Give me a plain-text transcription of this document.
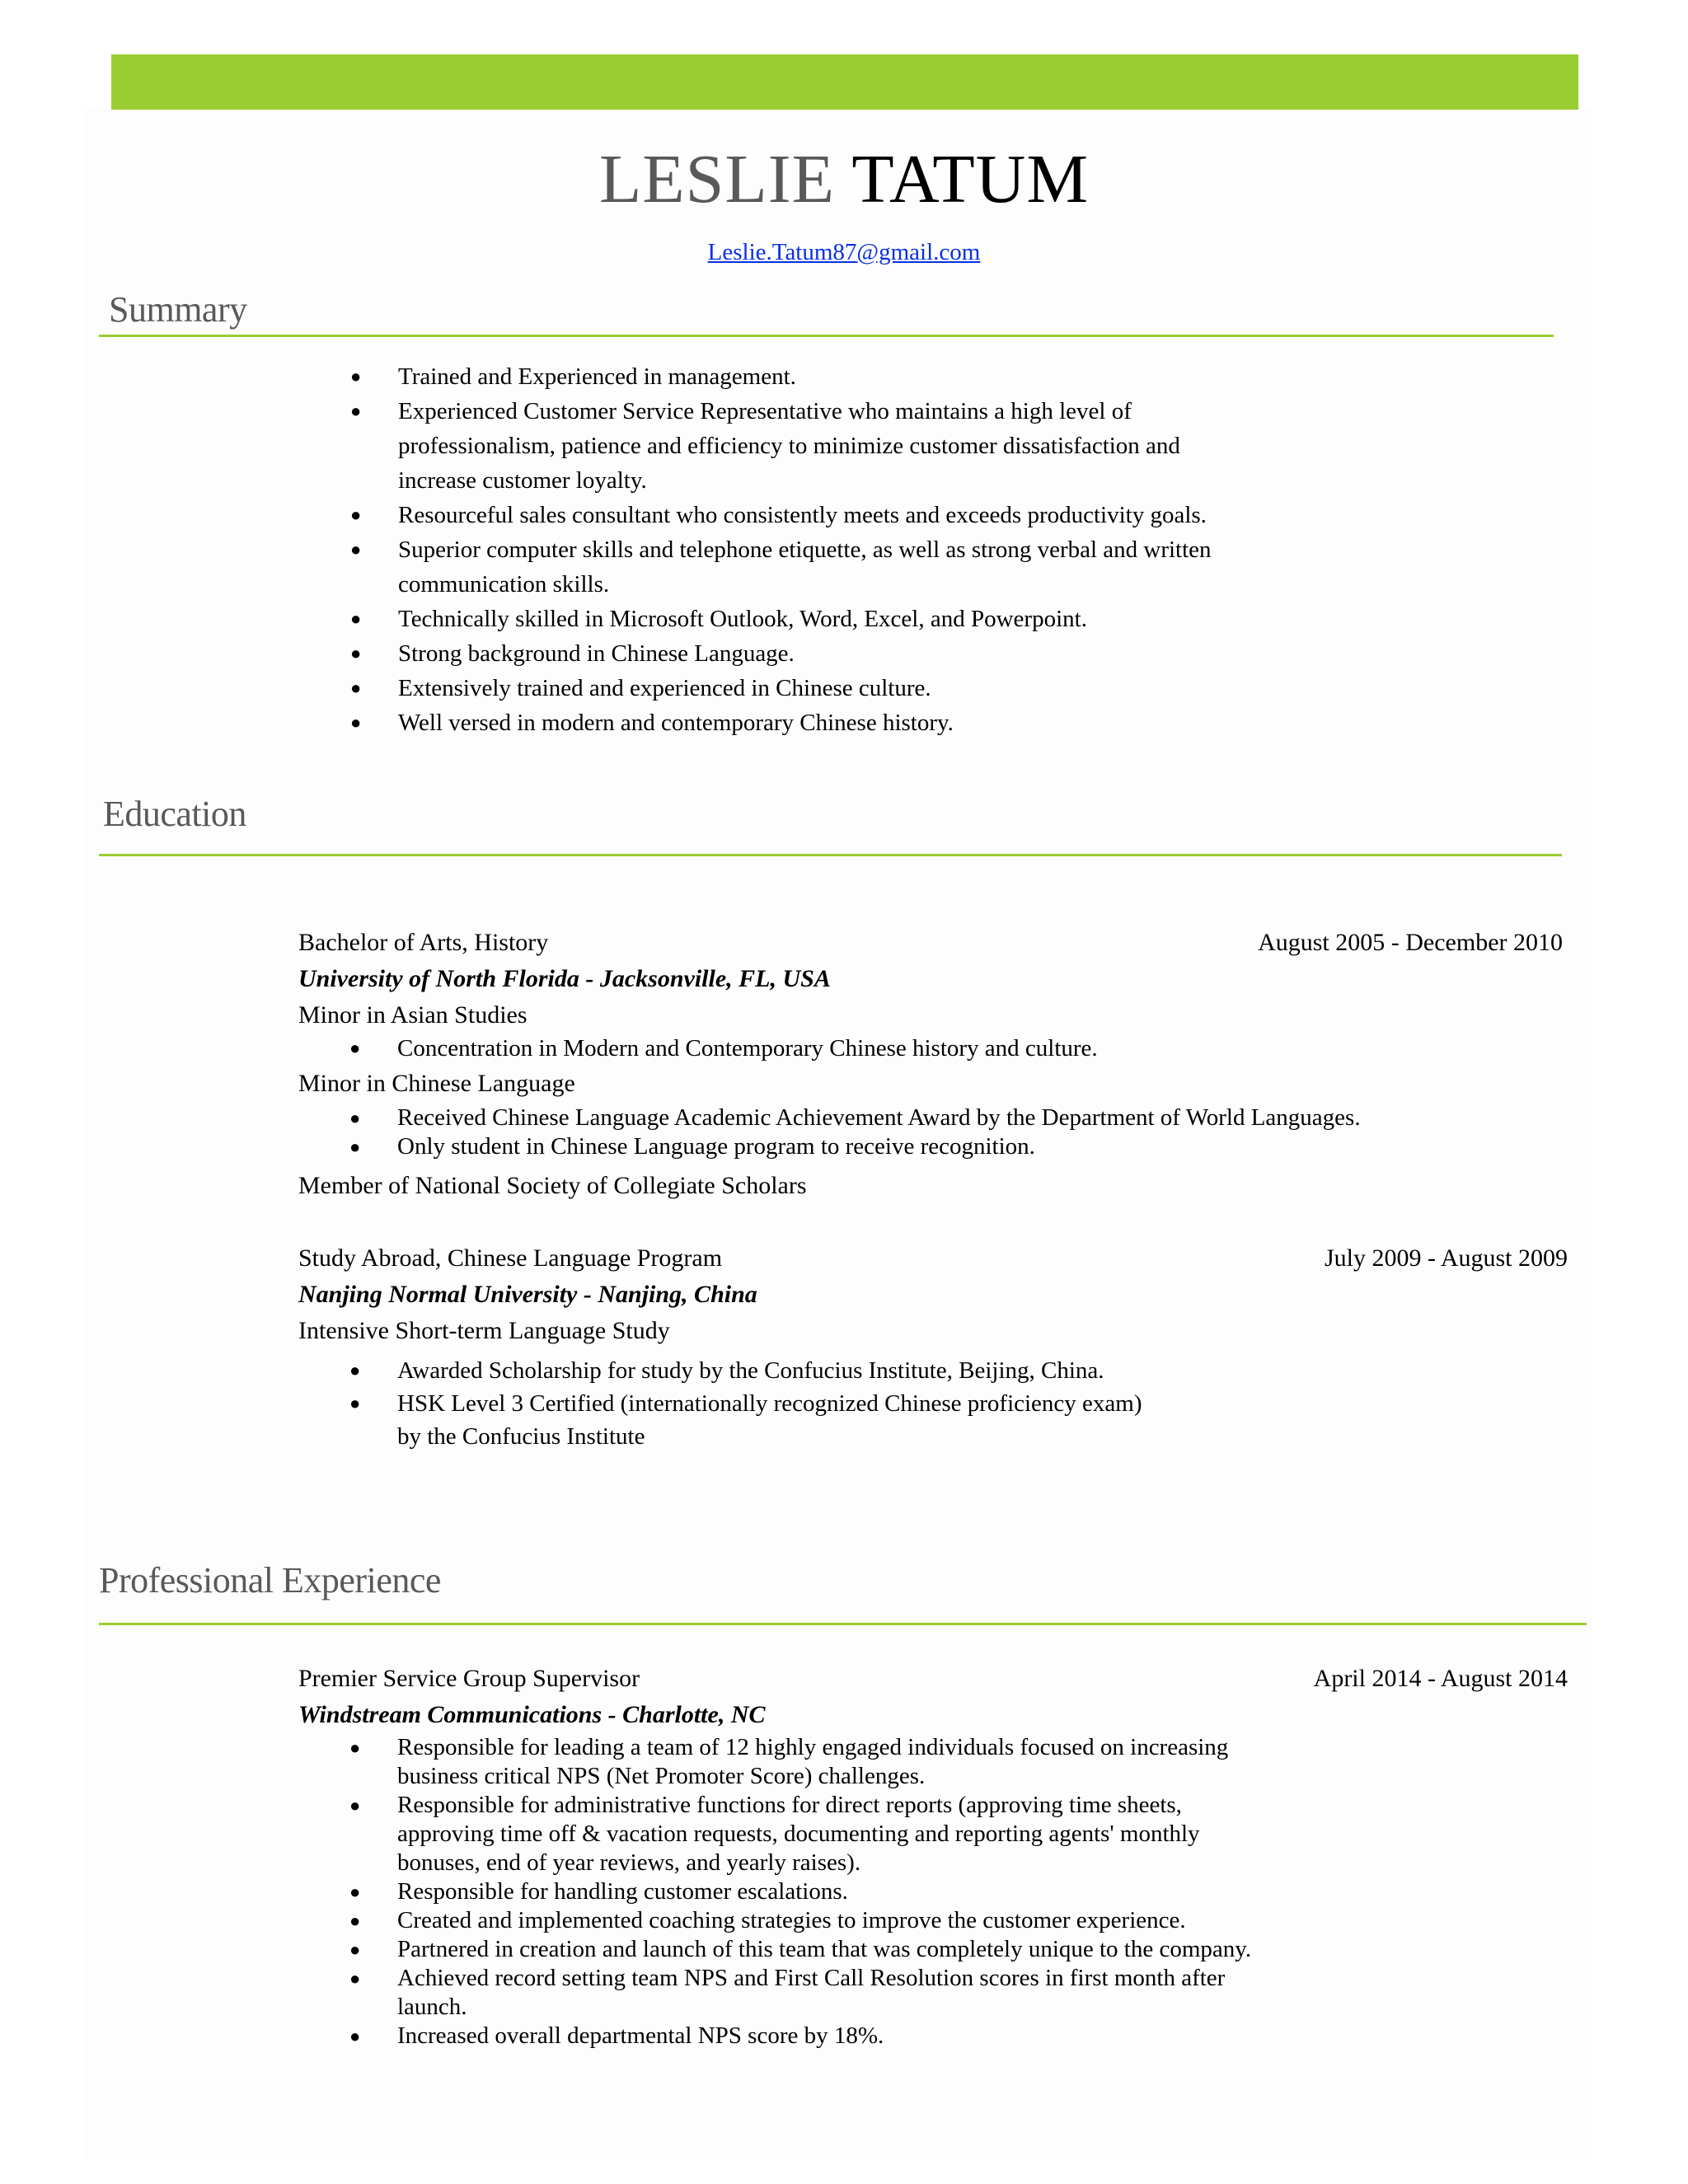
LESLIE TATUM
Leslie.Tatum87@gmail.com
Summary
● Trained and Experienced in management.
● Experienced Customer Service Representative who maintains a high level of
professionalism, patience and efficiency to minimize customer dissatisfaction and
increase customer loyalty.
● Resourceful sales consultant who consistently meets and exceeds productivity goals.
● Superior computer skills and telephone etiquette, as well as strong verbal and written
communication skills.
● Technically skilled in Microsoft Outlook, Word, Excel, and Powerpoint.
● Strong background in Chinese Language.
● Extensively trained and experienced in Chinese culture.
● Well versed in modern and contemporary Chinese history.
Education
Bachelor of Arts, History	August 2005 - December 2010
University of North Florida - Jacksonville, FL, USA
Minor in Asian Studies
● Concentration in Modern and Contemporary Chinese history and culture.
Minor in Chinese Language
● Received Chinese Language Academic Achievement Award by the Department of World Languages.
● Only student in Chinese Language program to receive recognition.
Member of National Society of Collegiate Scholars
Study Abroad, Chinese Language Program	July 2009 - August 2009
Nanjing Normal University - Nanjing, China
Intensive Short-term Language Study
● Awarded Scholarship for study by the Confucius Institute, Beijing, China.
● HSK Level 3 Certified (internationally recognized Chinese proficiency exam)
by the Confucius Institute
Professional Experience
Premier Service Group Supervisor	April 2014 - August 2014
Windstream Communications - Charlotte, NC
● Responsible for leading a team of 12 highly engaged individuals focused on increasing
business critical NPS (Net Promoter Score) challenges.
● Responsible for administrative functions for direct reports (approving time sheets,
approving time off & vacation requests, documenting and reporting agents' monthly
bonuses, end of year reviews, and yearly raises).
● Responsible for handling customer escalations.
● Created and implemented coaching strategies to improve the customer experience.
● Partnered in creation and launch of this team that was completely unique to the company.
● Achieved record setting team NPS and First Call Resolution scores in first month after
launch.
● Increased overall departmental NPS score by 18%.
